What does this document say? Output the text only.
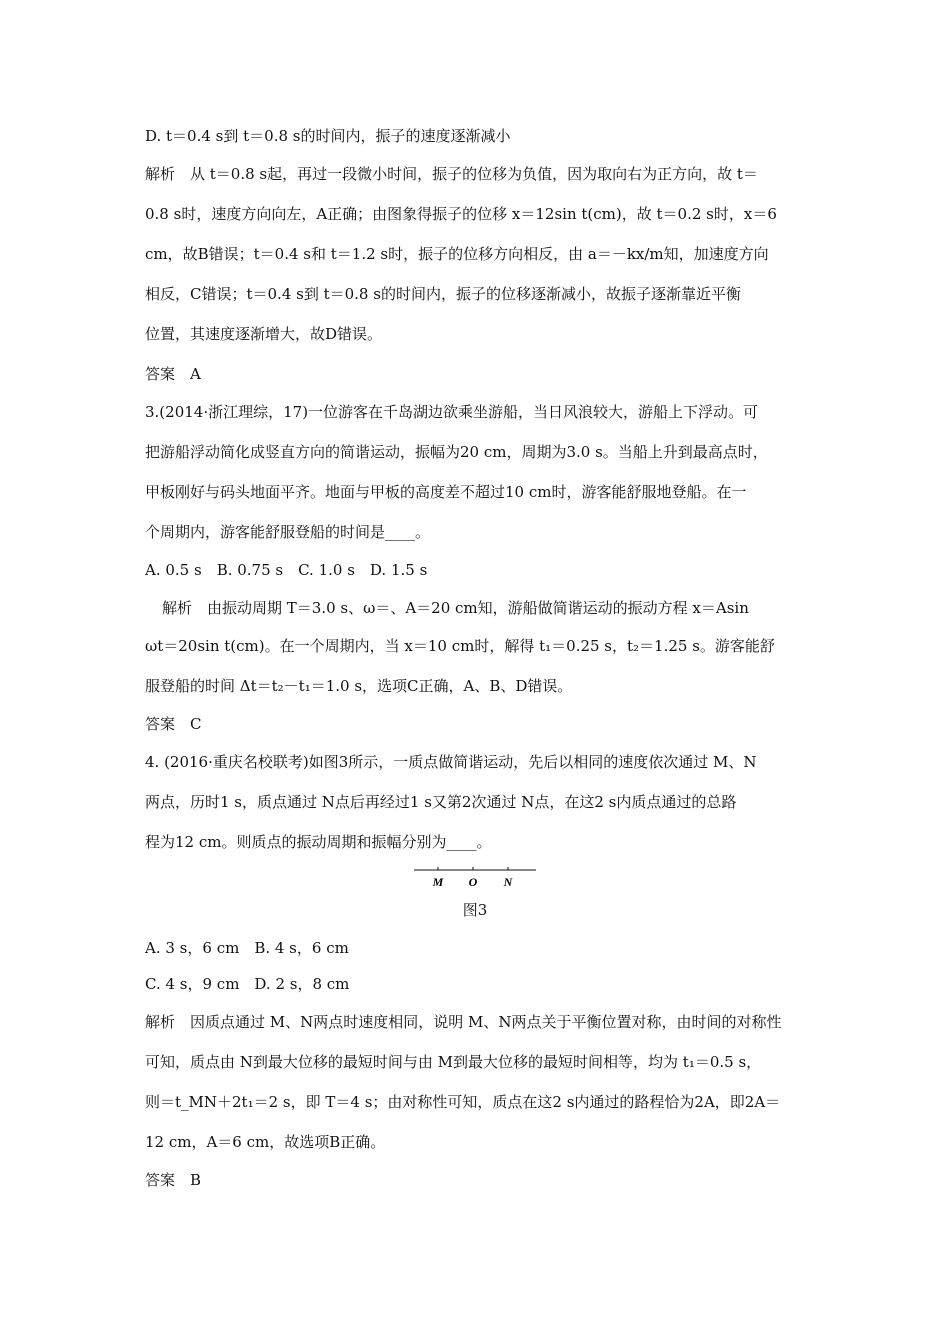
D. t＝0.4 s到 t＝0.8 s的时间内，振子的速度逐渐减小
解析　从 t＝0.8 s起，再过一段微小时间，振子的位移为负值，因为取向右为正方向，故 t＝
0.8 s时，速度方向向左，A正确；由图象得振子的位移 x＝12sin t(cm)，故 t＝0.2 s时，x＝6
cm，故B错误；t＝0.4 s和 t＝1.2 s时，振子的位移方向相反，由 a＝－kx/m知，加速度方向
相反，C错误；t＝0.4 s到 t＝0.8 s的时间内，振子的位移逐渐减小，故振子逐渐靠近平衡
位置，其速度逐渐增大，故D错误。
答案　A
3.(2014·浙江理综，17)一位游客在千岛湖边欲乘坐游船，当日风浪较大，游船上下浮动。可
把游船浮动简化成竖直方向的简谐运动，振幅为20 cm，周期为3.0 s。当船上升到最高点时，
甲板刚好与码头地面平齐。地面与甲板的高度差不超过10 cm时，游客能舒服地登船。在一
个周期内，游客能舒服登船的时间是____。
A. 0.5 s　B. 0.75 s　C. 1.0 s　D. 1.5 s
解析　由振动周期 T＝3.0 s、ω＝、A＝20 cm知，游船做简谐运动的振动方程 x＝Asin
ωt＝20sin t(cm)。在一个周期内，当 x＝10 cm时，解得 t₁＝0.25 s，t₂＝1.25 s。游客能舒
服登船的时间 Δt＝t₂－t₁＝1.0 s，选项C正确，A、B、D错误。
答案　C
4. (2016·重庆名校联考)如图3所示，一质点做简谐运动，先后以相同的速度依次通过 M、N
两点，历时1 s，质点通过 N点后再经过1 s又第2次通过 N点，在这2 s内质点通过的总路
程为12 cm。则质点的振动周期和振幅分别为____。
M O N
图3
A. 3 s，6 cm　B. 4 s，6 cm
C. 4 s，9 cm　D. 2 s，8 cm
解析　因质点通过 M、N两点时速度相同，说明 M、N两点关于平衡位置对称，由时间的对称性
可知，质点由 N到最大位移的最短时间与由 M到最大位移的最短时间相等，均为 t₁＝0.5 s，
则＝t_MN＋2t₁＝2 s，即 T＝4 s；由对称性可知，质点在这2 s内通过的路程恰为2A，即2A＝
12 cm，A＝6 cm，故选项B正确。
答案　B
